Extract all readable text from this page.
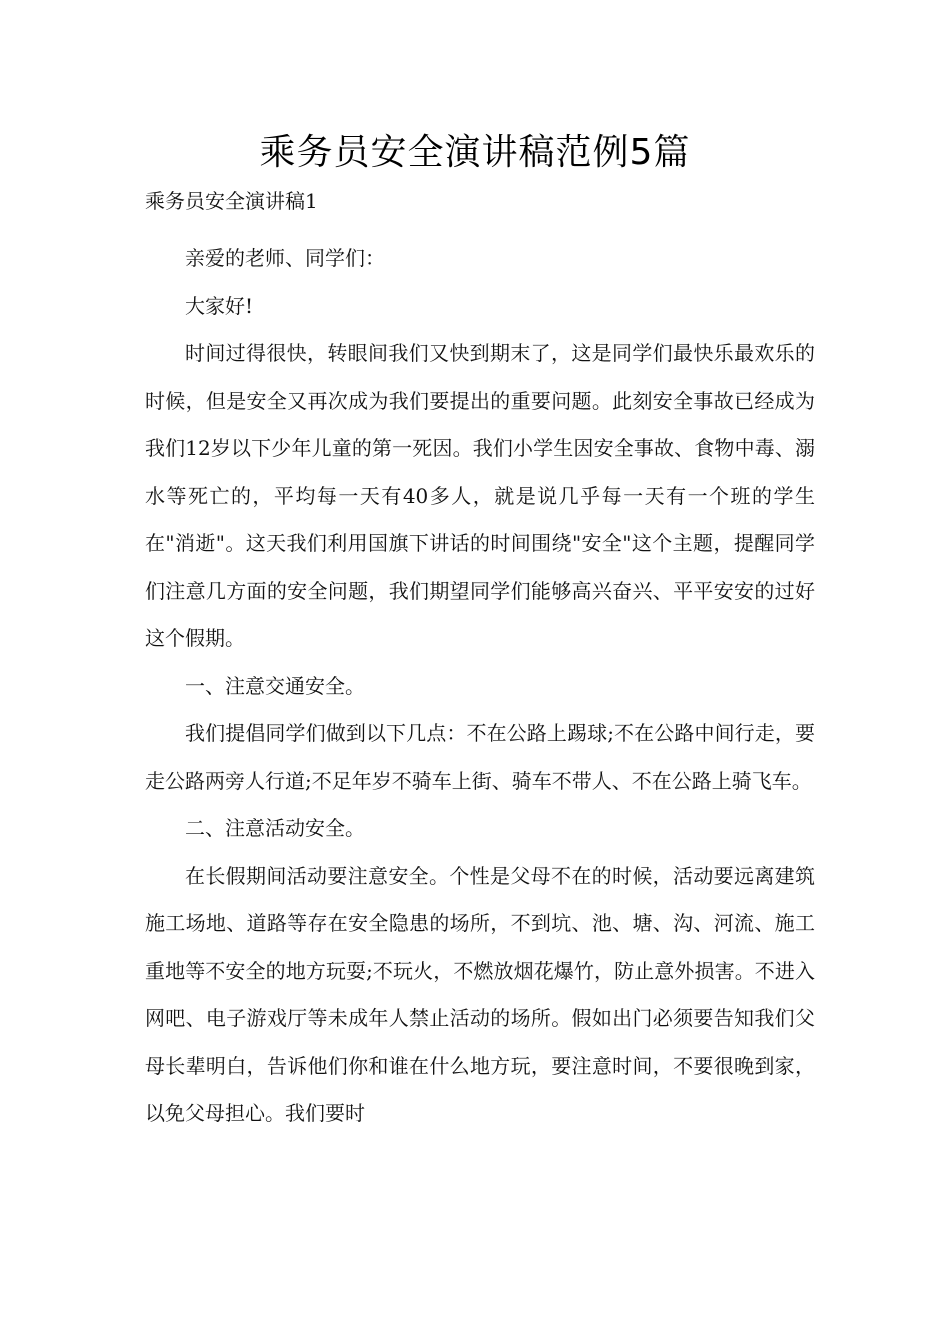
乘务员安全演讲稿范例5篇
乘务员安全演讲稿1

亲爱的老师、同学们：

大家好!

时间过得很快，转眼间我们又快到期末了，这是同学们最快乐最欢乐的时候，但是安全又再次成为我们要提出的重要问题。此刻安全事故已经成为我们12岁以下少年儿童的第一死因。我们小学生因安全事故、食物中毒、溺水等死亡的，平均每一天有40多人，就是说几乎每一天有一个班的学生在"消逝"。这天我们利用国旗下讲话的时间围绕"安全"这个主题，提醒同学们注意几方面的安全问题，我们期望同学们能够高兴奋兴、平平安安的过好这个假期。

一、注意交通安全。

我们提倡同学们做到以下几点：不在公路上踢球;不在公路中间行走，要走公路两旁人行道;不足年岁不骑车上街、骑车不带人、不在公路上骑飞车。

二、注意活动安全。

在长假期间活动要注意安全。个性是父母不在的时候，活动要远离建筑施工场地、道路等存在安全隐患的场所，不到坑、池、塘、沟、河流、施工重地等不安全的地方玩耍;不玩火，不燃放烟花爆竹，防止意外损害。不进入网吧、电子游戏厅等未成年人禁止活动的场所。假如出门必须要告知我们父母长辈明白，告诉他们你和谁在什么地方玩，要注意时间，不要很晚到家，以免父母担心。我们要时
